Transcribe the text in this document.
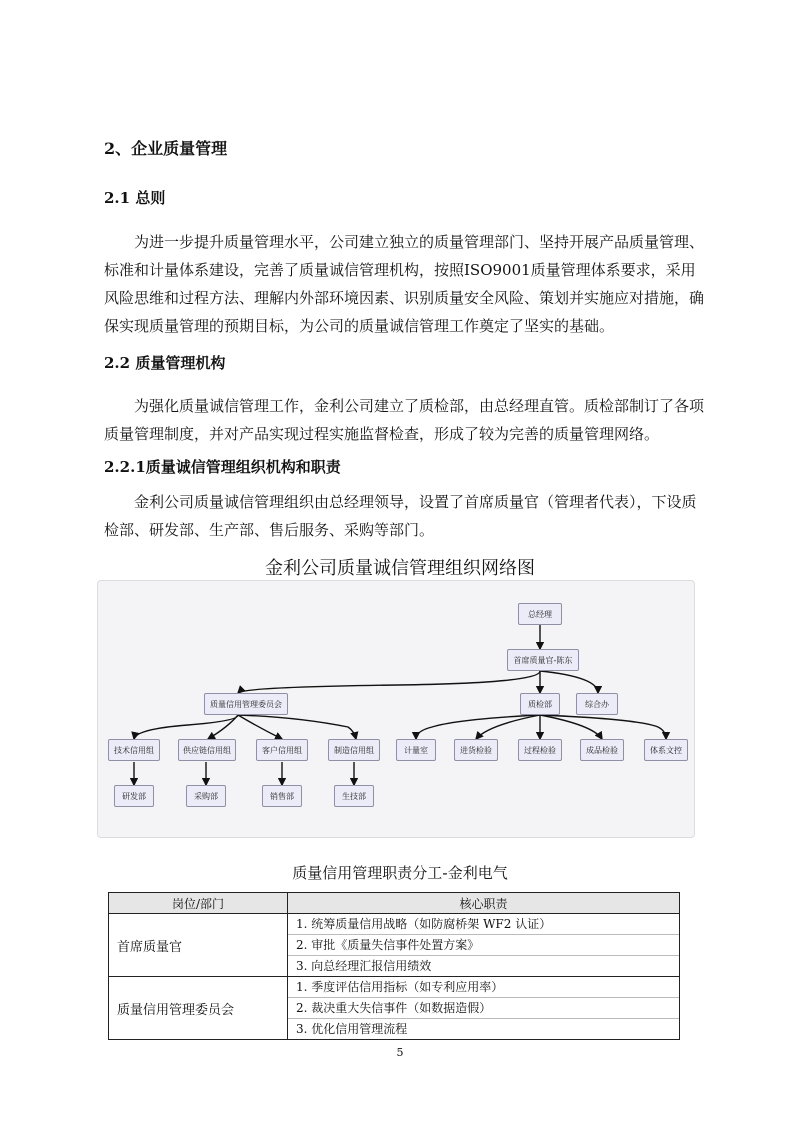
2、企业质量管理
2.1 总则

为进一步提升质量管理水平，公司建立独立的质量管理部门、坚持开展产品质量管理、标准和计量体系建设，完善了质量诚信管理机构，按照ISO9001质量管理体系要求，采用风险思维和过程方法、理解内外部环境因素、识别质量安全风险、策划并实施应对措施，确保实现质量管理的预期目标，为公司的质量诚信管理工作奠定了坚实的基础。

2.2 质量管理机构

为强化质量诚信管理工作，金利公司建立了质检部，由总经理直管。质检部制订了各项质量管理制度，并对产品实现过程实施监督检查，形成了较为完善的质量管理网络。

2.2.1质量诚信管理组织机构和职责

金利公司质量诚信管理组织由总经理领导，设置了首席质量官（管理者代表），下设质检部、研发部、生产部、售后服务、采购等部门。

金利公司质量诚信管理组织网络图
总经理
首席质量官-陈东
质量信用管理委员会	质检部	综合办
技术信用组	供应链信用组	客户信用组	制造信用组
研发部	采购部	销售部	生技部
计量室	进货检验	过程检验	成品检验	体系文控
质量信用管理职责分工-金利电气
岗位/部门	核心职责
首席质量官	1. 统筹质量信用战略（如防腐桥架 WF2 认证）
2. 审批《质量失信事件处置方案》
3. 向总经理汇报信用绩效

质量信用管理委员会	1. 季度评估信用指标（如专利应用率）
2. 裁决重大失信事件（如数据造假）
3. 优化信用管理流程
5
